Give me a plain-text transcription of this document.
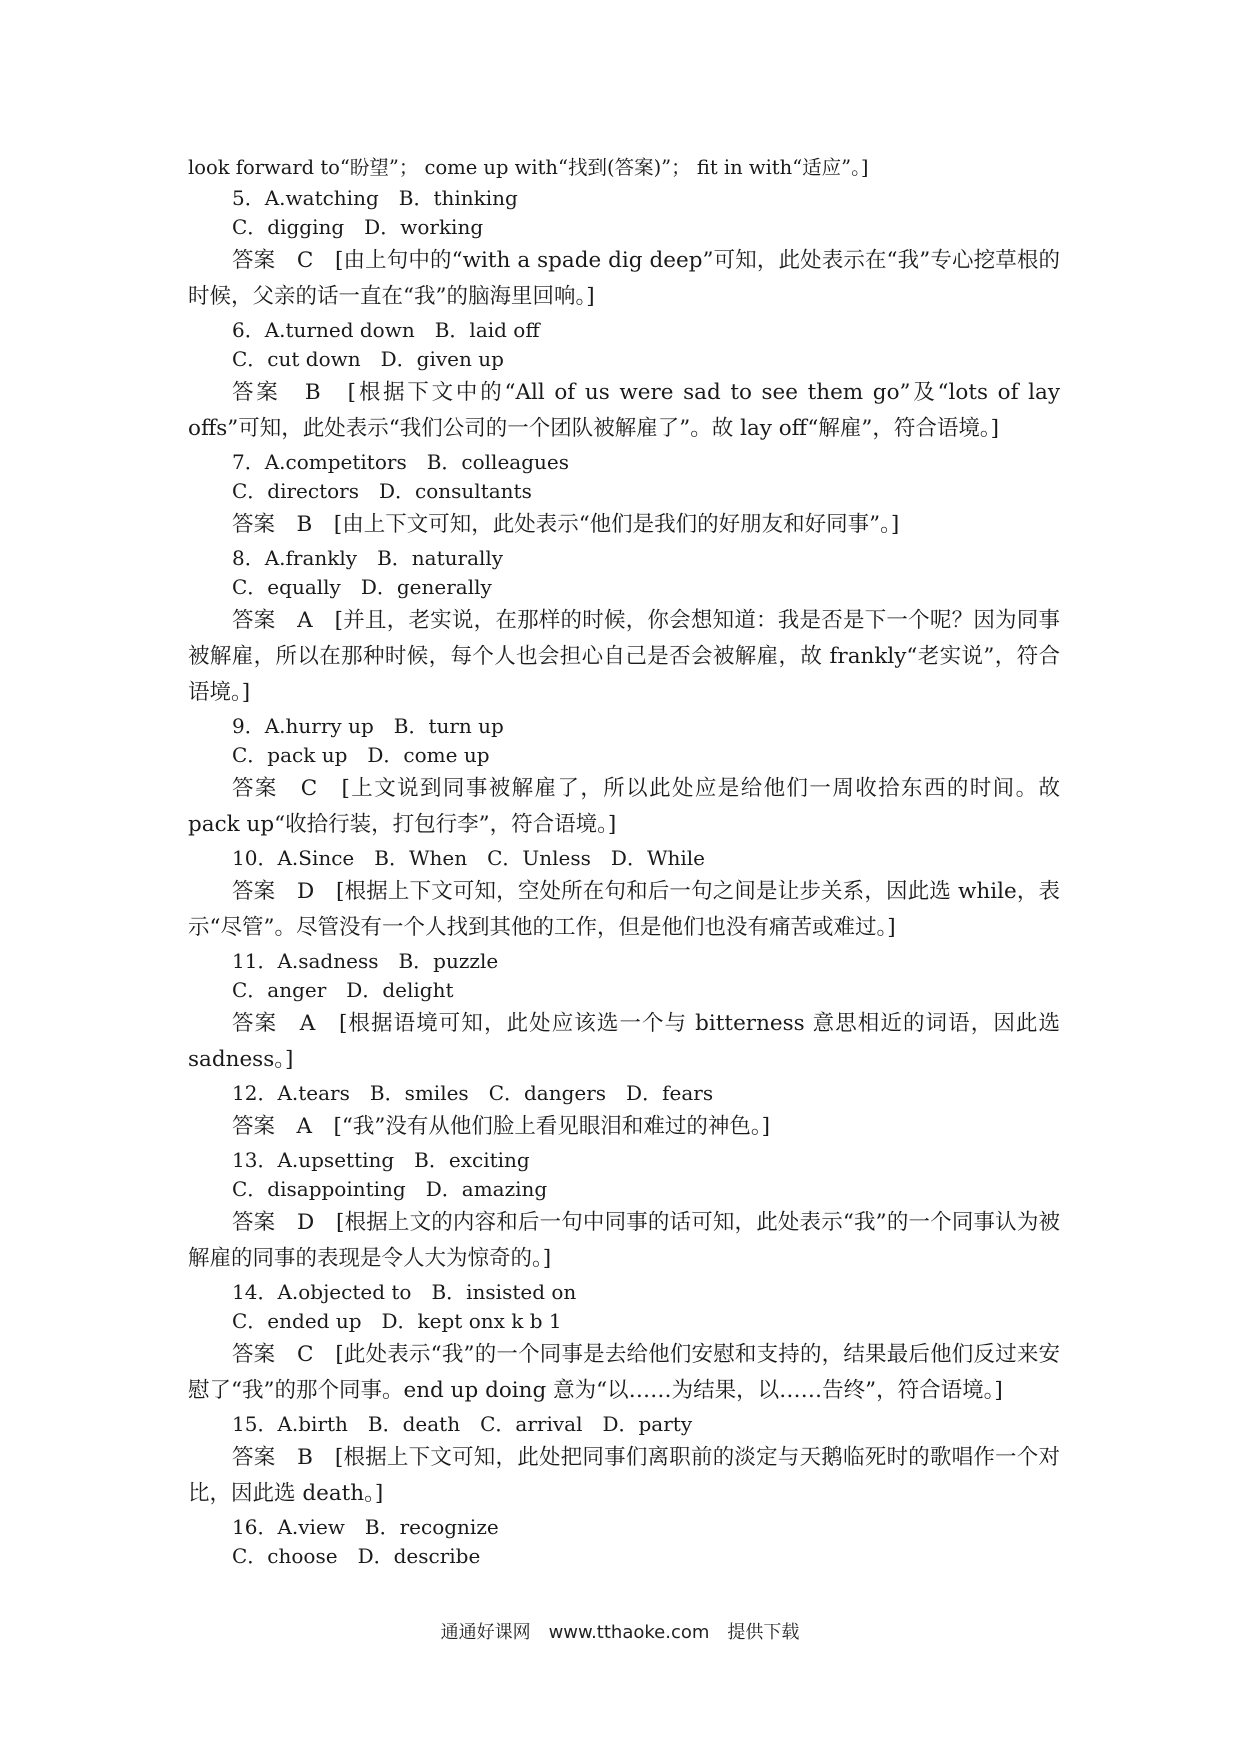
look forward to“盼望”； come up with“找到(答案)”； fit in with“适应”。]
5．A.watching　B．thinking
C．digging　D．working
答案　C　[由上句中的“with a spade dig deep”可知，此处表示在“我”专心挖草根的时候，父亲的话一直在“我”的脑海里回响。]
6．A.turned down　B．laid off
C．cut down　D．given up
答案　B　[根据下文中的“All of us were sad to see them go”及“lots of lay　offs”可知，此处表示“我们公司的一个团队被解雇了”。故 lay off“解雇”，符合语境。]
7．A.competitors　B．colleagues
C．directors　D．consultants
答案　B　[由上下文可知，此处表示“他们是我们的好朋友和好同事”。]
8．A.frankly　B．naturally
C．equally　D．generally
答案　A　[并且，老实说，在那样的时候，你会想知道：我是否是下一个呢？因为同事被解雇，所以在那种时候，每个人也会担心自己是否会被解雇，故 frankly“老实说”，符合语境。]
9．A.hurry up　B．turn up
C．pack up　D．come up
答案　C　[上文说到同事被解雇了，所以此处应是给他们一周收拾东西的时间。故 pack up“收拾行装，打包行李”，符合语境。]
10．A.Since　B．When　C．Unless　D．While
答案　D　[根据上下文可知，空处所在句和后一句之间是让步关系，因此选 while，表示“尽管”。尽管没有一个人找到其他的工作，但是他们也没有痛苦或难过。]
11．A.sadness　B．puzzle
C．anger　D．delight
答案　A　[根据语境可知，此处应该选一个与 bitterness 意思相近的词语，因此选 sadness。]
12．A.tears　B．smiles　C．dangers　D．fears
答案　A　[“我”没有从他们脸上看见眼泪和难过的神色。]
13．A.upsetting　B．exciting
C．disappointing　D．amazing
答案　D　[根据上文的内容和后一句中同事的话可知，此处表示“我”的一个同事认为被解雇的同事的表现是令人大为惊奇的。]
14．A.objected to　B．insisted on
C．ended up　D．kept onx k b 1
答案　C　[此处表示“我”的一个同事是去给他们安慰和支持的，结果最后他们反过来安慰了“我”的那个同事。end up doing 意为“以……为结果，以……告终”，符合语境。]
15．A.birth　B．death　C．arrival　D．party
答案　B　[根据上下文可知，此处把同事们离职前的淡定与天鹅临死时的歌唱作一个对比，因此选 death。]
16．A.view　B．recognize
C．choose　D．describe
通通好课网　www.tthaoke.com　提供下载
